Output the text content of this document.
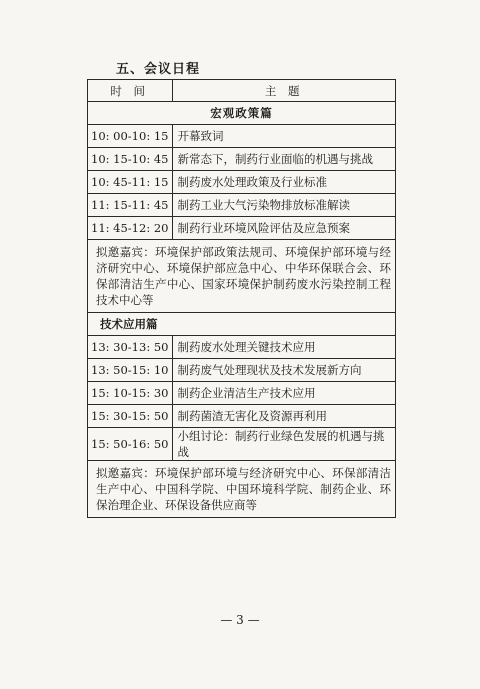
五、会议日程
时 间	主 题
宏观政策篇	
10: 00-10: 15	开幕致词
10: 15-10: 45	新常态下，制药行业面临的机遇与挑战
10: 45-11: 15	制药废水处理政策及行业标准
11: 15-11: 45	制药工业大气污染物排放标准解读
11: 45-12: 20	制药行业环境风险评估及应急预案
拟邀嘉宾：环境保护部政策法规司、环境保护部环境与经济研究中心、环境保护部应急中心、中华环保联合会、环保部清洁生产中心、国家环境保护制药废水污染控制工程技术中心等	
技术应用篇	
13: 30-13: 50	制药废水处理关键技术应用
13: 50-15: 10	制药废气处理现状及技术发展新方向
15: 10-15: 30	制药企业清洁生产技术应用
15: 30-15: 50	制药菌渣无害化及资源再利用
15: 50-16: 50	小组讨论：制药行业绿色发展的机遇与挑战
拟邀嘉宾：环境保护部环境与经济研究中心、环保部清洁生产中心、中国科学院、中国环境科学院、制药企业、环保治理企业、环保设备供应商等	
— 3 —
